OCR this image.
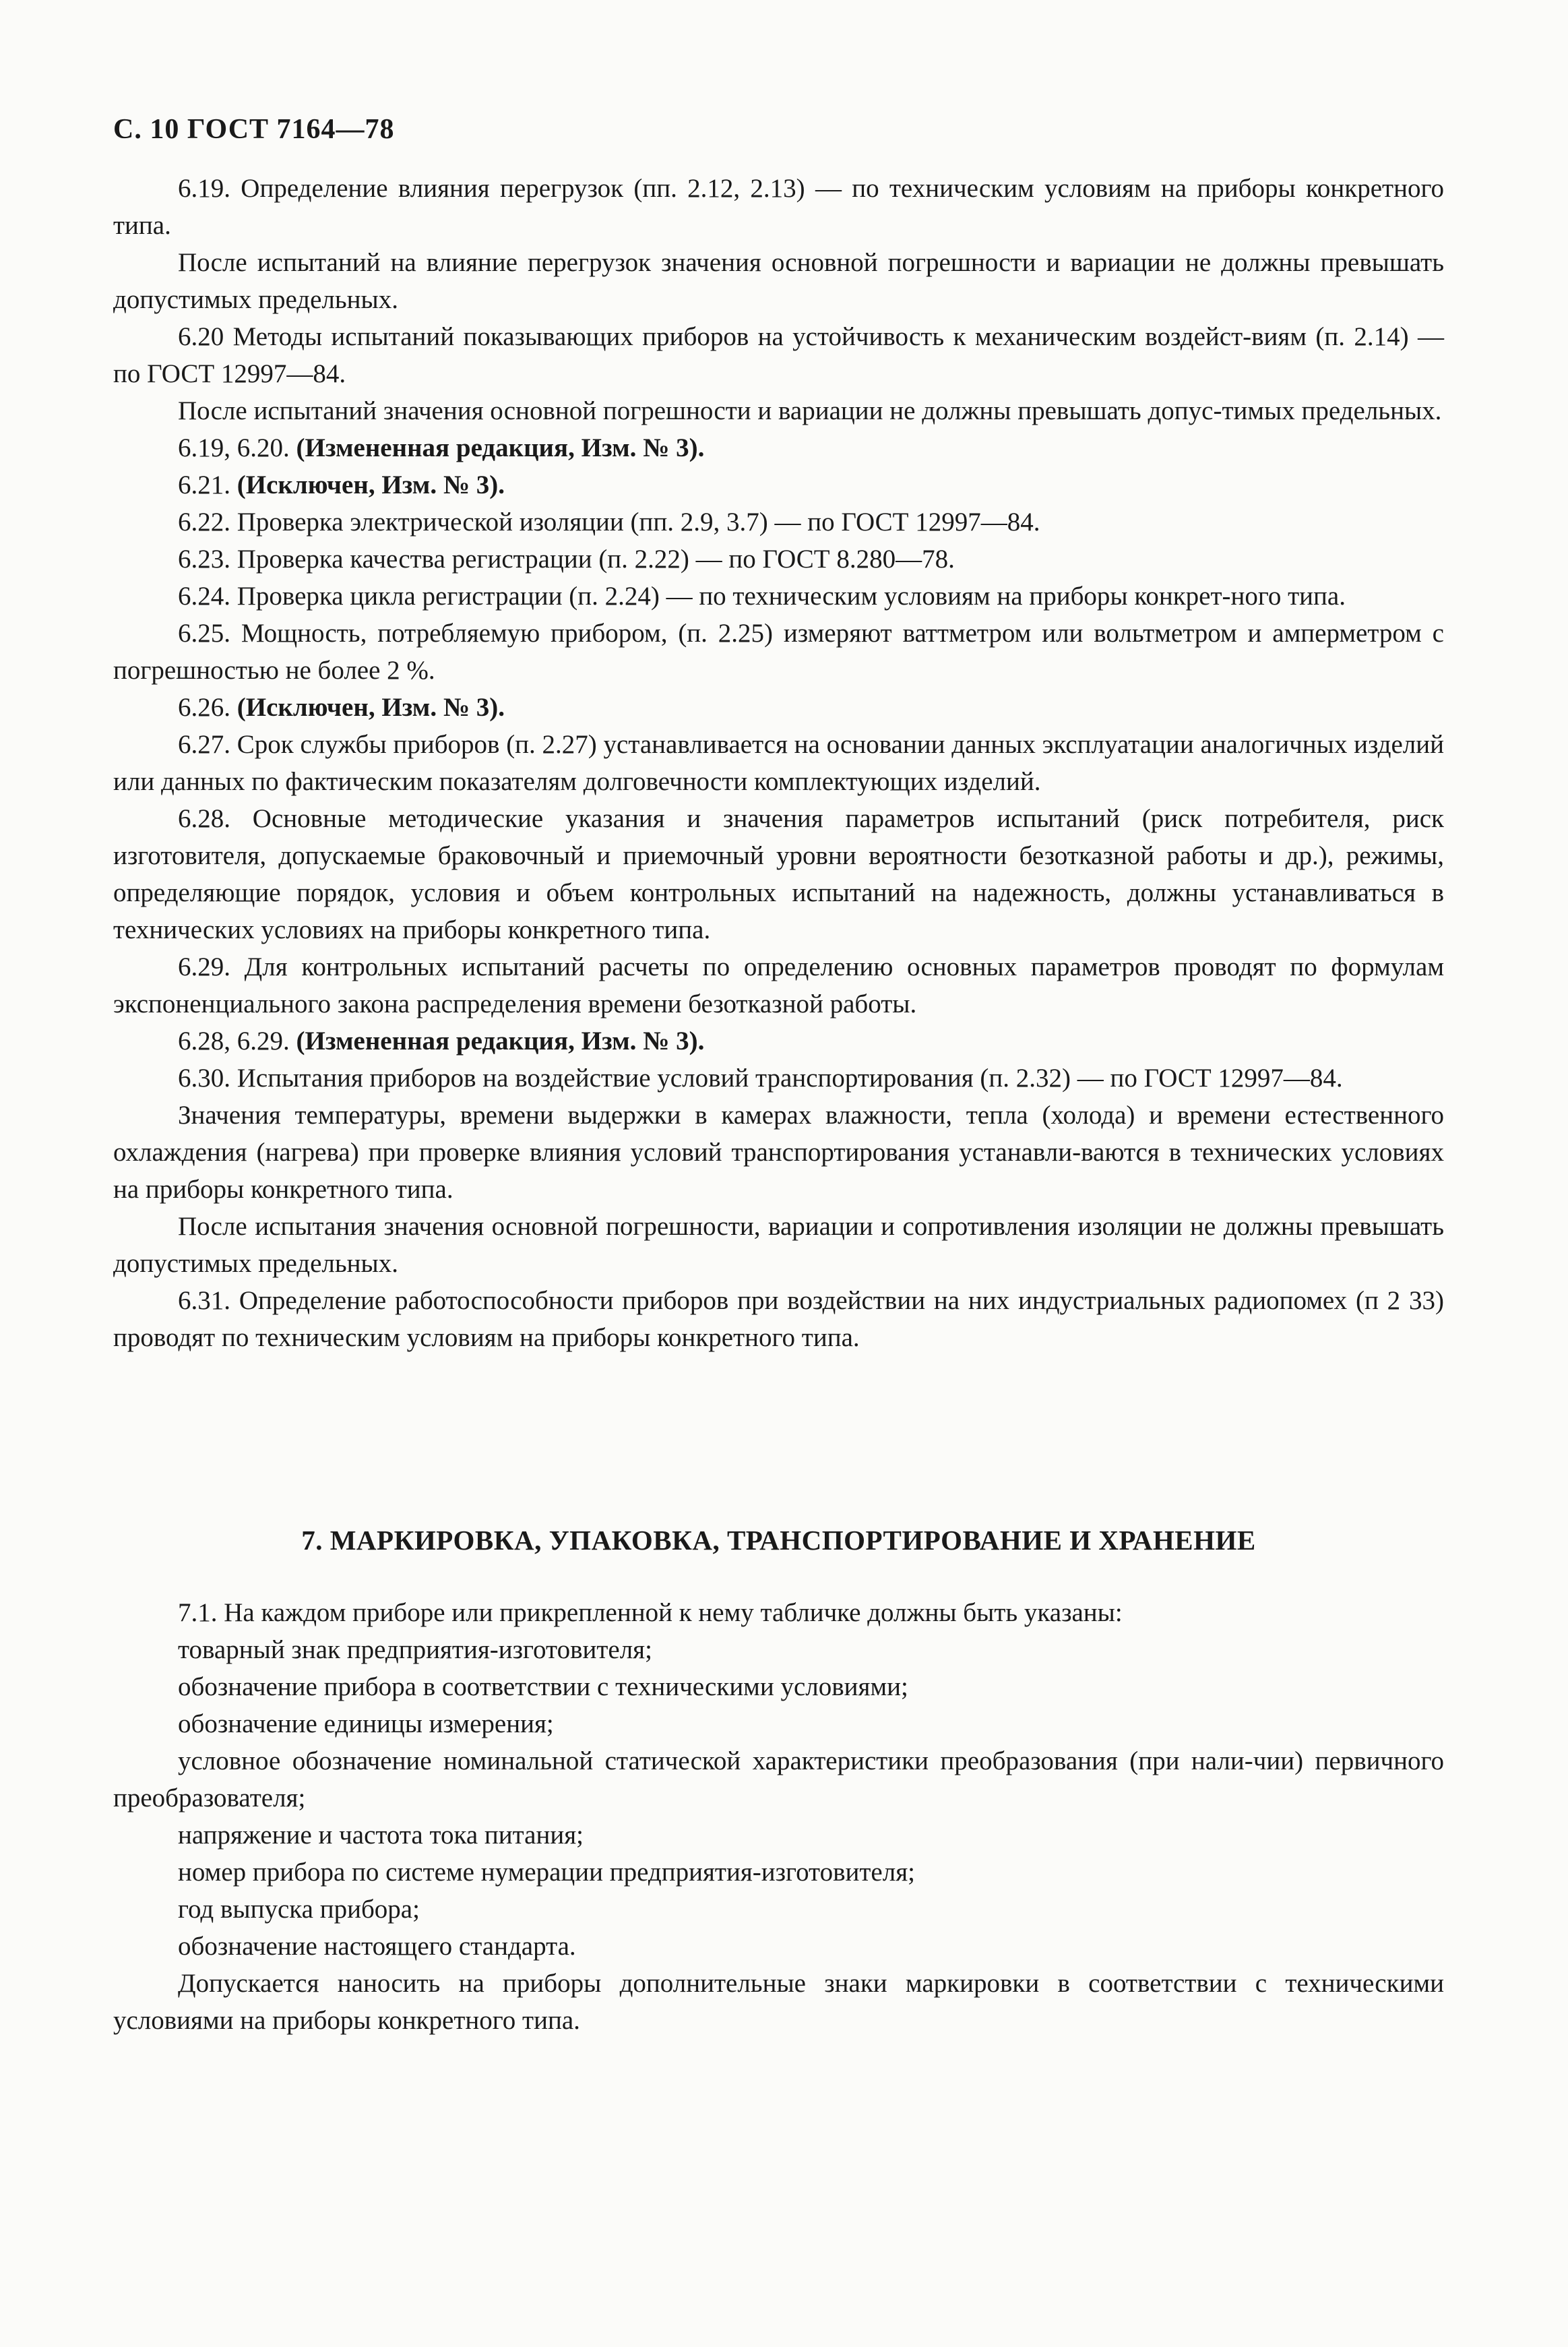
С. 10 ГОСТ 7164—78

6.19. Определение влияния перегрузок (пп. 2.12, 2.13) — по техническим условиям на приборы конкретного типа.

После испытаний на влияние перегрузок значения основной погрешности и вариации не должны превышать допустимых предельных.

6.20 Методы испытаний показывающих приборов на устойчивость к механическим воздейст-виям (п. 2.14) — по ГОСТ 12997—84.

После испытаний значения основной погрешности и вариации не должны превышать допус-тимых предельных.

6.19, 6.20. (Измененная редакция, Изм. № 3).

6.21. (Исключен, Изм. № 3).

6.22. Проверка электрической изоляции (пп. 2.9, 3.7) — по ГОСТ 12997—84.

6.23. Проверка качества регистрации (п. 2.22) — по ГОСТ 8.280—78.

6.24. Проверка цикла регистрации (п. 2.24) — по техническим условиям на приборы конкрет-ного типа.

6.25. Мощность, потребляемую прибором, (п. 2.25) измеряют ваттметром или вольтметром и амперметром с погрешностью не более 2 %.

6.26. (Исключен, Изм. № 3).

6.27. Срок службы приборов (п. 2.27) устанавливается на основании данных эксплуатации аналогичных изделий или данных по фактическим показателям долговечности комплектующих изделий.

6.28. Основные методические указания и значения параметров испытаний (риск потребителя, риск изготовителя, допускаемые браковочный и приемочный уровни вероятности безотказной работы и др.), режимы, определяющие порядок, условия и объем контрольных испытаний на надежность, должны устанавливаться в технических условиях на приборы конкретного типа.

6.29. Для контрольных испытаний расчеты по определению основных параметров проводят по формулам экспоненциального закона распределения времени безотказной работы.

6.28, 6.29. (Измененная редакция, Изм. № 3).

6.30. Испытания приборов на воздействие условий транспортирования (п. 2.32) — по ГОСТ 12997—84.

Значения температуры, времени выдержки в камерах влажности, тепла (холода) и времени естественного охлаждения (нагрева) при проверке влияния условий транспортирования устанавли-ваются в технических условиях на приборы конкретного типа.

После испытания значения основной погрешности, вариации и сопротивления изоляции не должны превышать допустимых предельных.

6.31. Определение работоспособности приборов при воздействии на них индустриальных радиопомех (п 2 33) проводят по техническим условиям на приборы конкретного типа.

7. МАРКИРОВКА, УПАКОВКА, ТРАНСПОРТИРОВАНИЕ И ХРАНЕНИЕ

7.1. На каждом приборе или прикрепленной к нему табличке должны быть указаны:

товарный знак предприятия-изготовителя;

обозначение прибора в соответствии с техническими условиями;

обозначение единицы измерения;

условное обозначение номинальной статической характеристики преобразования (при нали-чии) первичного преобразователя;

напряжение и частота тока питания;

номер прибора по системе нумерации предприятия-изготовителя;

год выпуска прибора;

обозначение настоящего стандарта.

Допускается наносить на приборы дополнительные знаки маркировки в соответствии с техническими условиями на приборы конкретного типа.
